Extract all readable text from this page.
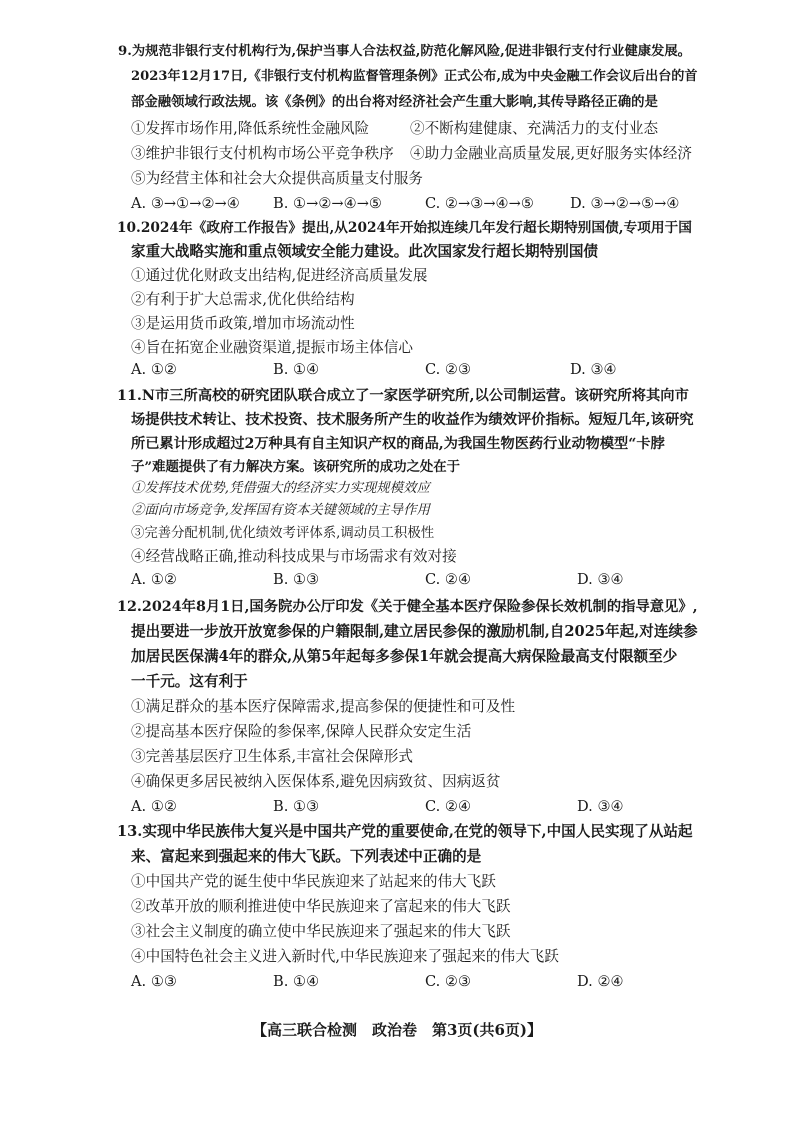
9.为规范非银行支付机构行为,保护当事人合法权益,防范化解风险,促进非银行支付行业健康发展。
2023年12月17日,《非银行支付机构监督管理条例》正式公布,成为中央金融工作会议后出台的首
部金融领域行政法规。该《条例》的出台将对经济社会产生重大影响,其传导路径正确的是
①发挥市场作用,降低系统性金融风险	②不断构建健康、充满活力的支付业态
③维护非银行支付机构市场公平竞争秩序 ④助力金融业高质量发展,更好服务实体经济
⑤为经营主体和社会大众提供高质量支付服务
A. ③→①→②→④ B. ①→②→④→⑤	C. ②→③→④→⑤ D. ③→②→⑤→④
10.2024年《政府工作报告》提出,从2024年开始拟连续几年发行超长期特别国债,专项用于国
家重大战略实施和重点领域安全能力建设。此次国家发行超长期特别国债
①通过优化财政支出结构,促进经济高质量发展
②有利于扩大总需求,优化供给结构
③是运用货币政策,增加市场流动性
④旨在拓宽企业融资渠道,提振市场主体信心
A. ①②	B. ①④	C. ②③	D. ③④
11.N市三所高校的研究团队联合成立了一家医学研究所,以公司制运营。该研究所将其向市
场提供技术转让、技术投资、技术服务所产生的收益作为绩效评价指标。短短几年,该研究
所已累计形成超过2万种具有自主知识产权的商品,为我国生物医药行业动物模型“卡脖
子”难题提供了有力解决方案。该研究所的成功之处在于
①发挥技术优势,凭借强大的经济实力实现规模效应
②面向市场竞争,发挥国有资本关键领域的主导作用
③完善分配机制,优化绩效考评体系,调动员工积极性
④经营战略正确,推动科技成果与市场需求有效对接
A. ①②	B. ①③	C. ②④	D. ③④
12.2024年8月1日,国务院办公厅印发《关于健全基本医疗保险参保长效机制的指导意见》,
提出要进一步放开放宽参保的户籍限制,建立居民参保的激励机制,自2025年起,对连续参
加居民医保满4年的群众,从第5年起每多参保1年就会提高大病保险最高支付限额至少
一千元。这有利于
①满足群众的基本医疗保障需求,提高参保的便捷性和可及性
②提高基本医疗保险的参保率,保障人民群众安定生活
③完善基层医疗卫生体系,丰富社会保障形式
④确保更多居民被纳入医保体系,避免因病致贫、因病返贫
A. ①②	B. ①③	C. ②④	D. ③④
13.实现中华民族伟大复兴是中国共产党的重要使命,在党的领导下,中国人民实现了从站起
来、富起来到强起来的伟大飞跃。下列表述中正确的是
①中国共产党的诞生使中华民族迎来了站起来的伟大飞跃
②改革开放的顺利推进使中华民族迎来了富起来的伟大飞跃
③社会主义制度的确立使中华民族迎来了强起来的伟大飞跃
④中国特色社会主义进入新时代,中华民族迎来了强起来的伟大飞跃
A. ①③	B. ①④	C. ②③	D. ②④
【高三联合检测　政治卷　第3页(共6页)】
